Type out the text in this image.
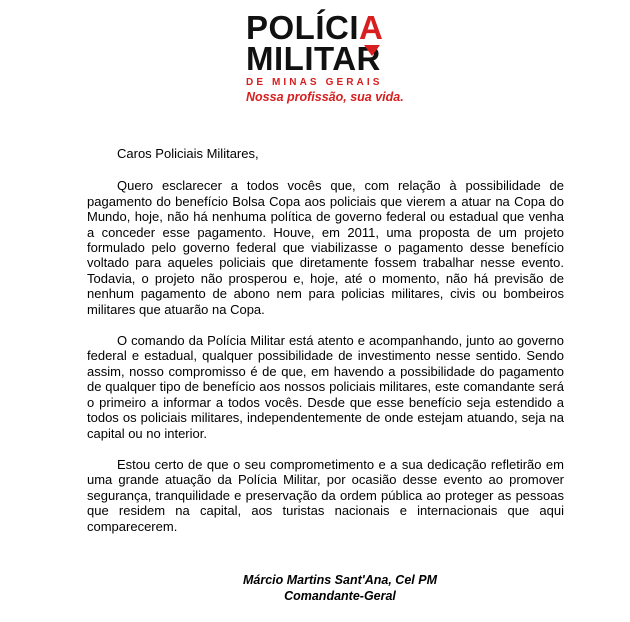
POLÍCIA
MILITAR
DE MINAS GERAIS
Nossa profissão, sua vida.

Caros Policiais Militares,

Quero esclarecer a todos vocês que, com relação à possibilidade de pagamento do benefício Bolsa Copa aos policiais que vierem a atuar na Copa do Mundo, hoje, não há nenhuma política de governo federal ou estadual que venha a conceder esse pagamento. Houve, em 2011, uma proposta de um projeto formulado pelo governo federal que viabilizasse o pagamento desse benefício voltado para aqueles policiais que diretamente fossem trabalhar nesse evento. Todavia, o projeto não prosperou e, hoje, até o momento, não há previsão de nenhum pagamento de abono nem para policias militares, civis ou bombeiros militares que atuarão na Copa.

O comando da Polícia Militar está atento e acompanhando, junto ao governo federal e estadual, qualquer possibilidade de investimento nesse sentido. Sendo assim, nosso compromisso é de que, em havendo a possibilidade do pagamento de qualquer tipo de benefício aos nossos policiais militares, este comandante será o primeiro a informar a todos vocês. Desde que esse benefício seja estendido a todos os policiais militares, independentemente de onde estejam atuando, seja na capital ou no interior.

Estou certo de que o seu comprometimento e a sua dedicação refletirão em uma grande atuação da Polícia Militar, por ocasião desse evento ao promover segurança, tranquilidade e preservação da ordem pública ao proteger as pessoas que residem na capital, aos turistas nacionais e internacionais que aqui comparecerem.

Márcio Martins Sant'Ana, Cel PM
Comandante-Geral
